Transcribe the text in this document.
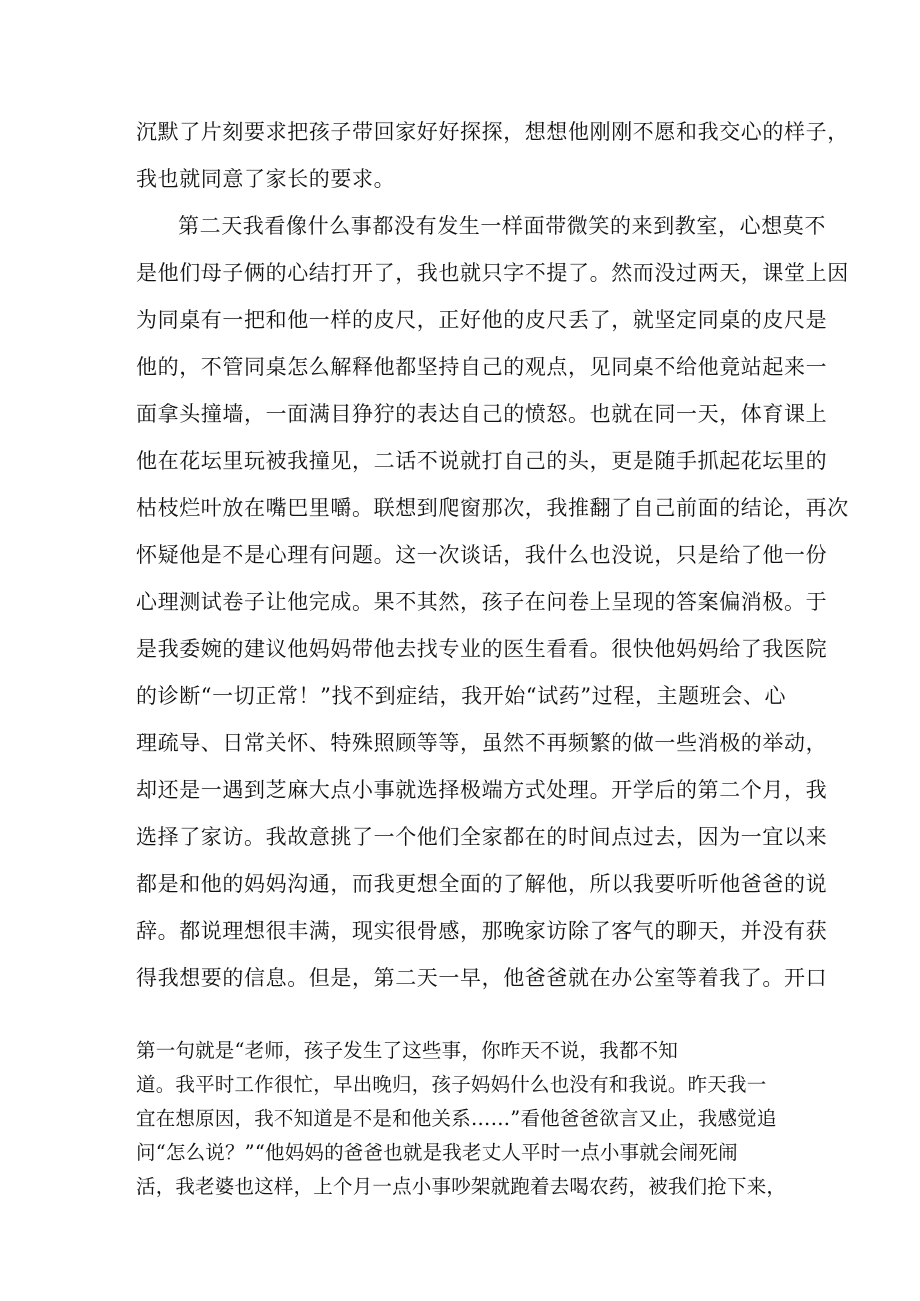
沉默了片刻要求把孩子带回家好好探探，想想他刚刚不愿和我交心的样子，
我也就同意了家长的要求。
第二天我看像什么事都没有发生一样面带微笑的来到教室，心想莫不
是他们母子俩的心结打开了，我也就只字不提了。然而没过两天，课堂上因
为同桌有一把和他一样的皮尺，正好他的皮尺丢了，就坚定同桌的皮尺是
他的，不管同桌怎么解释他都坚持自己的观点，见同桌不给他竟站起来一
面拿头撞墙，一面满目狰狞的表达自己的愤怒。也就在同一天，体育课上
他在花坛里玩被我撞见，二话不说就打自己的头，更是随手抓起花坛里的
枯枝烂叶放在嘴巴里嚼。联想到爬窗那次，我推翻了自己前面的结论，再次
怀疑他是不是心理有问题。这一次谈话，我什么也没说，只是给了他一份
心理测试卷子让他完成。果不其然，孩子在问卷上呈现的答案偏消极。于
是我委婉的建议他妈妈带他去找专业的医生看看。很快他妈妈给了我医院
的诊断“一切正常！”找不到症结，我开始“试药”过程，主题班会、心
理疏导、日常关怀、特殊照顾等等，虽然不再频繁的做一些消极的举动，
却还是一遇到芝麻大点小事就选择极端方式处理。开学后的第二个月，我
选择了家访。我故意挑了一个他们全家都在的时间点过去，因为一宜以来
都是和他的妈妈沟通，而我更想全面的了解他，所以我要听听他爸爸的说
辞。都说理想很丰满，现实很骨感，那晚家访除了客气的聊天，并没有获
得我想要的信息。但是，第二天一早，他爸爸就在办公室等着我了。开口
第一句就是“老师，孩子发生了这些事，你昨天不说，我都不知
道。我平时工作很忙，早出晚归，孩子妈妈什么也没有和我说。昨天我一
宜在想原因，我不知道是不是和他关系……”看他爸爸欲言又止，我感觉追
问“怎么说？”“他妈妈的爸爸也就是我老丈人平时一点小事就会闹死闹
活，我老婆也这样，上个月一点小事吵架就跑着去喝农药，被我们抢下来，
